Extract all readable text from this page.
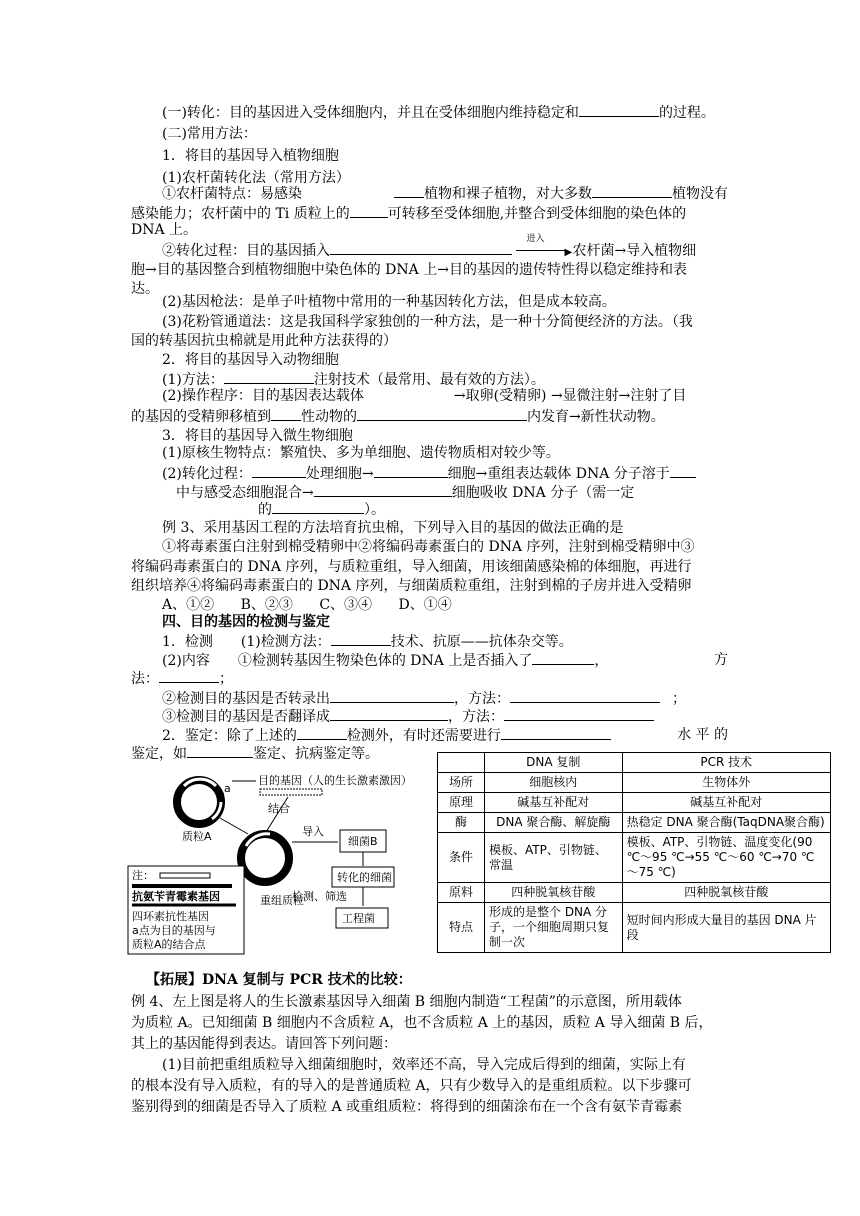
(一)转化：目的基因进入受体细胞内，并且在受体细胞内维持稳定和	的过程。
(二)常用方法：
1．将目的基因导入植物细胞
(1)农杆菌转化法（常用方法）
①农杆菌特点：易感染	植物和裸子植物，对大多数	植物没有
感染能力；农杆菌中的 Ti 质粒上的	可转移至受体细胞,并整合到受体细胞的染色体的
DNA 上。
②转化过程：目的基因插入
进入
▶ 农杆菌→导入植物细
胞→目的基因整合到植物细胞中染色体的 DNA 上→目的基因的遗传特性得以稳定维持和表
达。
(2)基因枪法：是单子叶植物中常用的一种基因转化方法，但是成本较高。
(3)花粉管通道法：这是我国科学家独创的一种方法，是一种十分简便经济的方法。（我
国的转基因抗虫棉就是用此种方法获得的）
2．将目的基因导入动物细胞
(1)方法：	注射技术（最常用、最有效的方法）。
(2)操作程序：目的基因表达载体	→取卵(受精卵) →显微注射→注射了目
的基因的受精卵移植到 性动物的	内发育→新性状动物。
3．将目的基因导入微生物细胞
(1)原核生物特点：繁殖快、多为单细胞、遗传物质相对较少等。
(2)转化过程：	处理细胞→	细胞→重组表达载体 DNA 分子溶于
中与感受态细胞混合→	细胞吸收 DNA 分子（需一定
的	）。
例 3、采用基因工程的方法培育抗虫棉，下列导入目的基因的做法正确的是
①将毒素蛋白注射到棉受精卵中②将编码毒素蛋白的 DNA 序列，注射到棉受精卵中③
将编码毒素蛋白的 DNA 序列，与质粒重组，导入细菌，用该细菌感染棉的体细胞，再进行
组织培养④将编码毒素蛋白的 DNA 序列，与细菌质粒重组，注射到棉的子房并进入受精卵
A、①② B、②③ C、③④ D、①④
四、目的基因的检测与鉴定
1．检测　　(1)检测方法：	技术、抗原——抗体杂交等。
(2)内容　　①检测转基因生物染色体的 DNA 上是否插入了	，	方
法：	；
②检测目的基因是否转录出	，方法：	；
③检测目的基因是否翻译成	，方法：
2．鉴定：除了上述的	检测外，有时还需要进行	水 平 的
鉴定，如	鉴定、抗病鉴定等。
a
质粒A
目的基因（人的生长激素激因）
结合
重组质粒
导入
细菌B
转化的细菌
检测、筛选
工程菌
注：
抗氨苄青霉素基因
四环素抗性基因
a点为目的基因与
质粒A的结合点
	DNA 复制	PCR 技术
场所	细胞核内	生物体外
原理	碱基互补配对	碱基互补配对
酶	DNA 聚合酶、解旋酶	热稳定 DNA 聚合酶(TaqDNA聚合酶)
条件	模板、ATP、引物链、常温	模板、ATP、引物链、温度变化(90 ℃～95 ℃→55 ℃～60 ℃→70 ℃～75 ℃)
原料	四种脱氧核苷酸	四种脱氧核苷酸
特点	形成的是整个 DNA 分子，一个细胞周期只复制一次	短时间内形成大量目的基因 DNA 片段
【拓展】DNA 复制与 PCR 技术的比较：
例 4、左上图是将人的生长激素基因导入细菌 B 细胞内制造“工程菌”的示意图，所用载体
为质粒 A。已知细菌 B 细胞内不含质粒 A，也不含质粒 A 上的基因，质粒 A 导入细菌 B 后，
其上的基因能得到表达。请回答下列问题：
(1)目前把重组质粒导入细菌细胞时，效率还不高，导入完成后得到的细菌，实际上有
的根本没有导入质粒，有的导入的是普通质粒 A，只有少数导入的是重组质粒。以下步骤可
鉴别得到的细菌是否导入了质粒 A 或重组质粒：将得到的细菌涂布在一个含有氨苄青霉素
